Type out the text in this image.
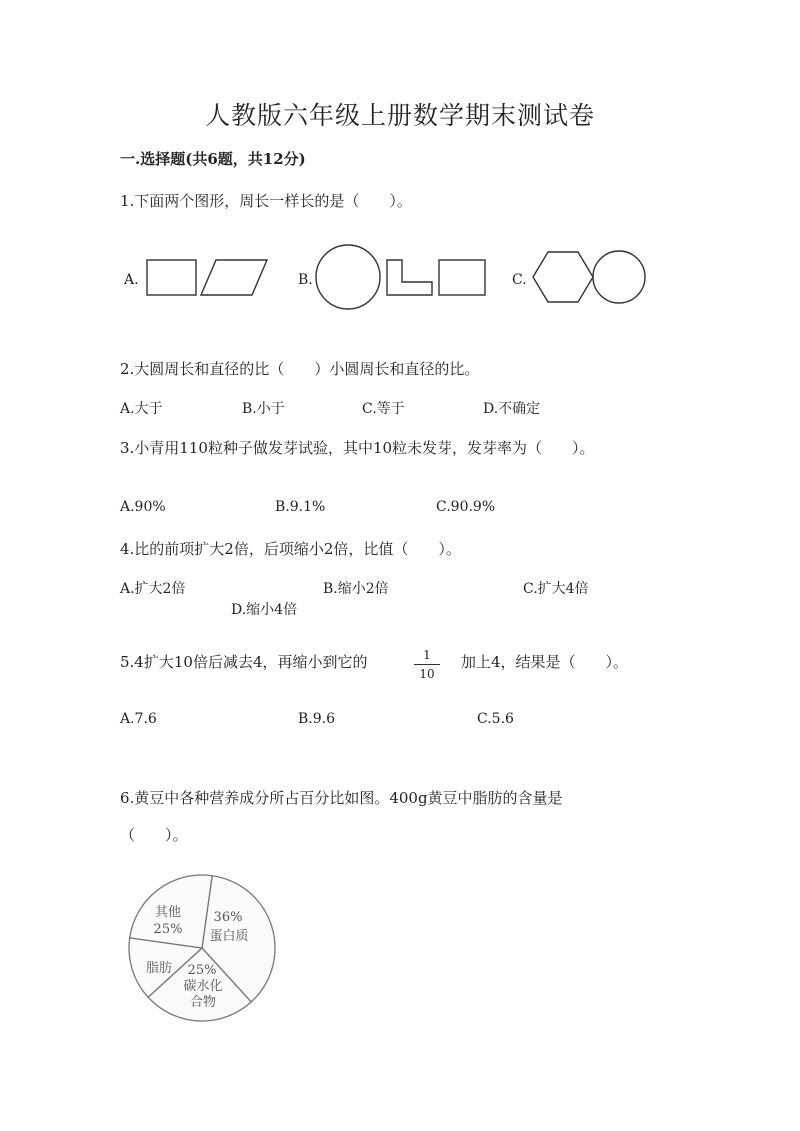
人教版六年级上册数学期末测试卷
一.选择题(共6题，共12分)
1.下面两个图形，周长一样长的是（　　）。
A.	B.	C.
2.大圆周长和直径的比（　　）小圆周长和直径的比。
A.大于	B.小于	C.等于	D.不确定
3.小青用110粒种子做发芽试验，其中10粒未发芽，发芽率为（　　）。
A.90%	B.9.1%	C.90.9%
4.比的前项扩大2倍，后项缩小2倍，比值（　　）。
A.扩大2倍	B.缩小2倍	C.扩大4倍
D.缩小4倍
5.4扩大10倍后减去4，再缩小到它的	1
10
加上4，结果是（　　）。
A.7.6	B.9.6	C.5.6
6.黄豆中各种营养成分所占百分比如图。400g黄豆中脂肪的含量是
（　　）。
其他
25%
36%
蛋白质
脂肪 25%
碳水化
合物
